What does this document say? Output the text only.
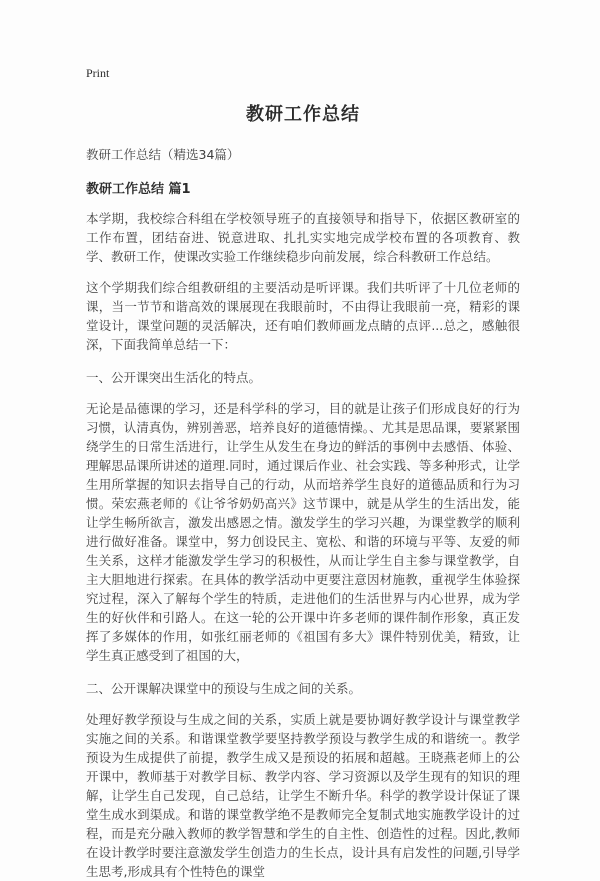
Print
教研工作总结
教研工作总结（精选34篇）
教研工作总结 篇1

本学期，我校综合科组在学校领导班子的直接领导和指导下，依据区教研室的工作布置，团结奋进、锐意进取、扎扎实实地完成学校布置的各项教育、教学、教研工作，使课改实验工作继续稳步向前发展，综合科教研工作总结。

这个学期我们综合组教研组的主要活动是听评课。我们共听评了十几位老师的课，当一节节和谐高效的课展现在我眼前时，不由得让我眼前一亮，精彩的课堂设计，课堂问题的灵活解决，还有咱们教师画龙点睛的点评...总之，感触很深，下面我简单总结一下：

一、公开课突出生活化的特点。

无论是品德课的学习，还是科学科的学习，目的就是让孩子们形成良好的行为习惯，认清真伪，辨别善恶，培养良好的道德情操。、尤其是思品课，要紧紧围绕学生的日常生活进行，让学生从发生在身边的鲜活的事例中去感悟、体验、理解思品课所讲述的道理.同时，通过课后作业、社会实践、等多种形式，让学生用所掌握的知识去指导自己的行动，从而培养学生良好的道德品质和行为习惯。荣宏燕老师的《让爷爷奶奶高兴》这节课中，就是从学生的生活出发，能让学生畅所欲言，激发出感恩之情。激发学生的学习兴趣，为课堂教学的顺利进行做好准备。课堂中，努力创设民主、宽松、和谐的环境与平等、友爱的师生关系，这样才能激发学生学习的积极性，从而让学生自主参与课堂教学，自主大胆地进行探索。在具体的教学活动中更要注意因材施教，重视学生体验探究过程，深入了解每个学生的特质，走进他们的生活世界与内心世界，成为学生的好伙伴和引路人。在这一轮的公开课中许多老师的课件制作形象，真正发挥了多媒体的作用，如张红丽老师的《祖国有多大》课件特别优美，精致，让学生真正感受到了祖国的大，

二、公开课解决课堂中的预设与生成之间的关系。

处理好教学预设与生成之间的关系，实质上就是要协调好教学设计与课堂教学实施之间的关系。和谐课堂教学要坚持教学预设与教学生成的和谐统一。教学预设为生成提供了前提，教学生成又是预设的拓展和超越。王晓燕老师上的公开课中，教师基于对教学目标、教学内容、学习资源以及学生现有的知识的理解，让学生自己发现，自己总结，让学生不断升华。科学的教学设计保证了课堂生成水到渠成。和谐的课堂教学绝不是教师完全复制式地实施教学设计的过程，而是充分融入教师的教学智慧和学生的自主性、创造性的过程。因此,教师在设计教学时要注意激发学生创造力的生长点，设计具有启发性的问题,引导学生思考,形成具有个性特色的课堂
